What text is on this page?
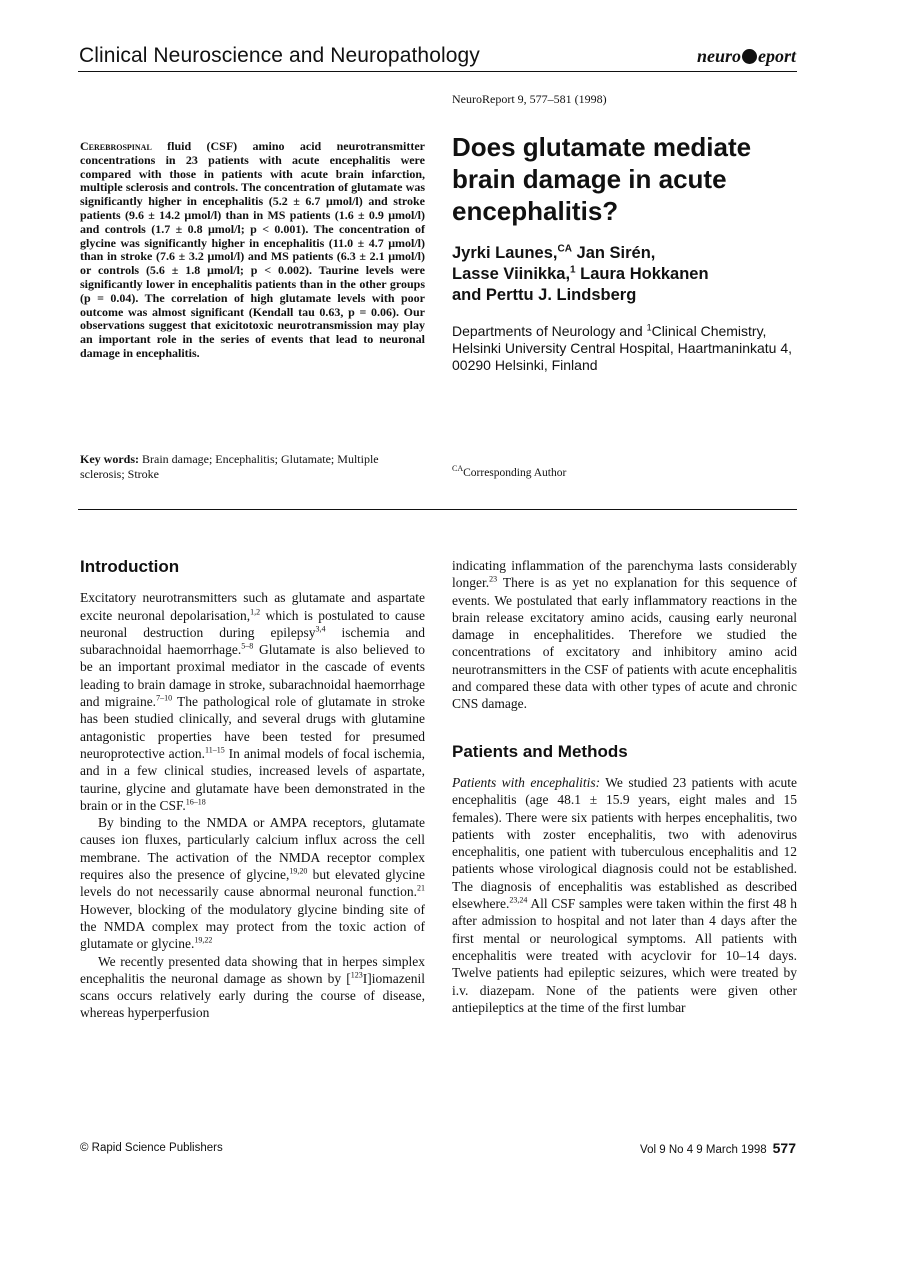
Clinical Neuroscience and Neuropathology	neuro eport
NeuroReport 9, 577–581 (1998)
Cerebrospinal fluid (CSF) amino acid neurotransmitter concentrations in 23 patients with acute encephalitis were compared with those in patients with acute brain infarction, multiple sclerosis and controls. The concentration of glutamate was significantly higher in encephalitis (5.2 ± 6.7 μmol/l) and stroke patients (9.6 ± 14.2 μmol/l) than in MS patients (1.6 ± 0.9 μmol/l) and controls (1.7 ± 0.8 μmol/l; p < 0.001). The concentration of glycine was significantly higher in encephalitis (11.0 ± 4.7 μmol/l) than in stroke (7.6 ± 3.2 μmol/l) and MS patients (6.3 ± 2.1 μmol/l) or controls (5.6 ± 1.8 μmol/l; p < 0.002). Taurine levels were significantly lower in encephalitis patients than in the other groups (p = 0.04). The correlation of high glutamate levels with poor outcome was almost significant (Kendall tau 0.63, p = 0.06). Our observations suggest that exicitotoxic neurotransmission may play an important role in the series of events that lead to neuronal damage in encephalitis.
Does glutamate mediate brain damage in acute encephalitis?
Jyrki Launes,$^{CA}$ Jan Sirén,
Lasse Viinikka,$^1$ Laura Hokkanen
and Perttu J. Lindsberg
Departments of Neurology and $^1$Clinical Chemistry, Helsinki University Central Hospital, Haartmaninkatu 4, 00290 Helsinki, Finland
Key words: Brain damage; Encephalitis; Glutamate; Multiple sclerosis; Stroke	$^{CA}$Corresponding Author

Introduction

Excitatory neurotransmitters such as glutamate and aspartate excite neuronal depolarisation,$^{1,2}$ which is postulated to cause neuronal destruction during epilepsy$^{3,4}$ ischemia and subarachnoidal haemorrhage.$^{5-8}$ Glutamate is also believed to be an important proximal mediator in the cascade of events leading to brain damage in stroke, subarachnoidal haemorrhage and migraine.$^{7-10}$ The pathological role of glutamate in stroke has been studied clinically, and several drugs with glutamine antagonistic properties have been tested for presumed neuroprotective action.$^{11-15}$ In animal models of focal ischemia, and in a few clinical studies, increased levels of aspartate, taurine, glycine and glutamate have been demonstrated in the brain or in the CSF.$^{16-18}$

By binding to the NMDA or AMPA receptors, glutamate causes ion fluxes, particularly calcium influx across the cell membrane. The activation of the NMDA receptor complex requires also the presence of glycine,$^{19,20}$ but elevated glycine levels do not necessarily cause abnormal neuronal function.$^{21}$ However, blocking of the modulatory glycine binding site of the NMDA complex may protect from the toxic action of glutamate or glycine.$^{19,22}$

We recently presented data showing that in herpes simplex encephalitis the neuronal damage as shown by [$^{123}$I]iomazenil scans occurs relatively early during the course of disease, whereas hyperperfusion

indicating inflammation of the parenchyma lasts considerably longer.$^{23}$ There is as yet no explanation for this sequence of events. We postulated that early inflammatory reactions in the brain release excitatory amino acids, causing early neuronal damage in encephalitides. Therefore we studied the concentrations of excitatory and inhibitory amino acid neurotransmitters in the CSF of patients with acute encephalitis and compared these data with other types of acute and chronic CNS damage.

Patients and Methods

Patients with encephalitis: We studied 23 patients with acute encephalitis (age 48.1 ± 15.9 years, eight males and 15 females). There were six patients with herpes encephalitis, two patients with zoster encephalitis, two with adenovirus encephalitis, one patient with tuberculous encephalitis and 12 patients whose virological diagnosis could not be established. The diagnosis of encephalitis was established as described elsewhere.$^{23,24}$ All CSF samples were taken within the first 48 h after admission to hospital and not later than 4 days after the first mental or neurological symptoms. All patients with encephalitis were treated with acyclovir for 10–14 days. Twelve patients had epileptic seizures, which were treated by i.v. diazepam. None of the patients were given other antiepileptics at the time of the first lumbar

© Rapid Science Publishers	Vol 9 No 4 9 March 1998 577
